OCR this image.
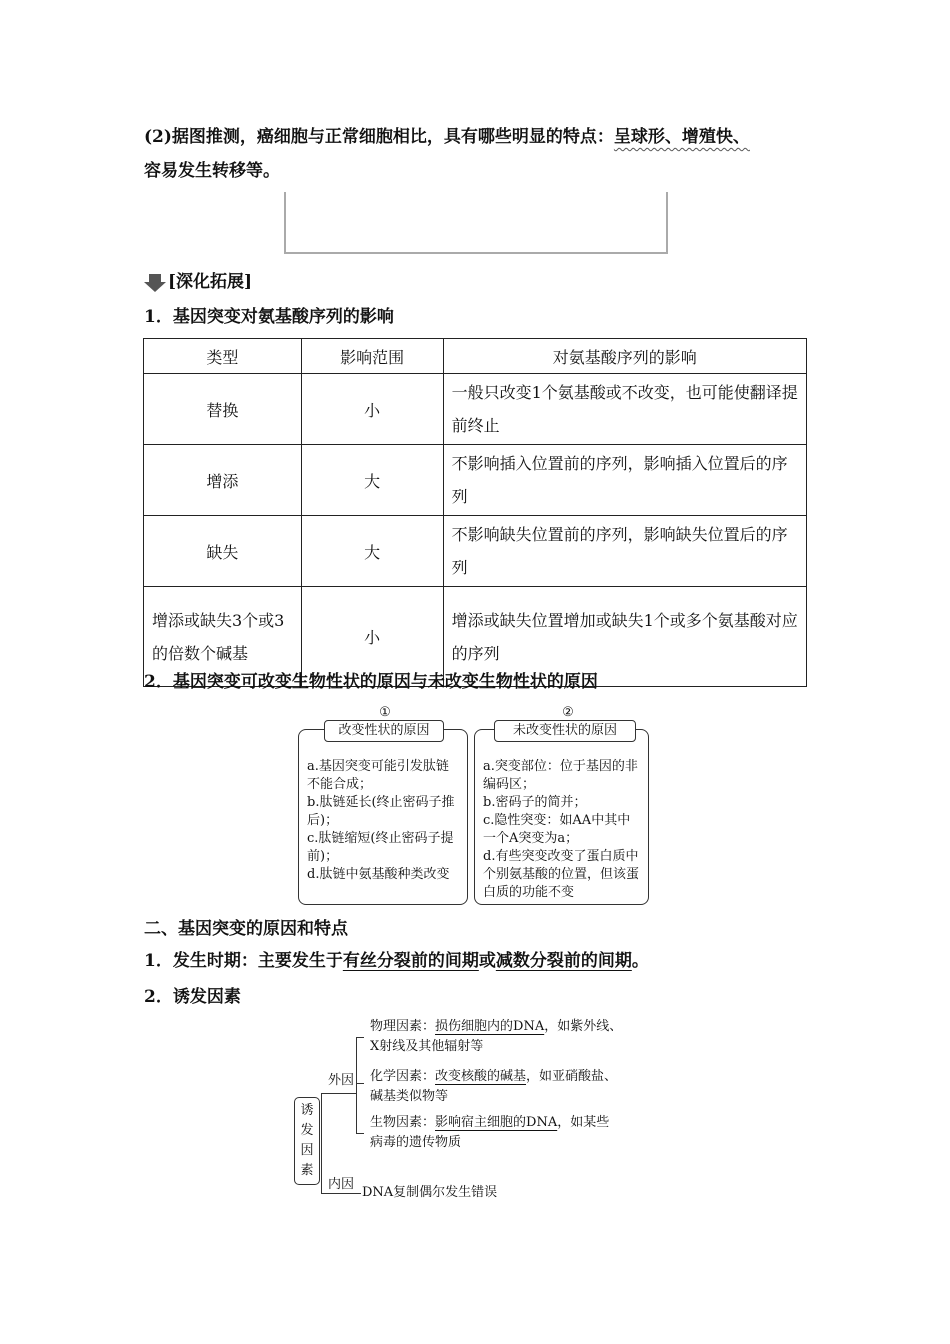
(2)据图推测，癌细胞与正常细胞相比，具有哪些明显的特点：呈球形、增殖快、
容易发生转移等。
[深化拓展]
1．基因突变对氨基酸序列的影响
类型	影响范围	对氨基酸序列的影响
替换	小	一般只改变1个氨基酸或不改变，也可能使翻译提前终止
增添	大	不影响插入位置前的序列，影响插入位置后的序列
缺失	大	不影响缺失位置前的序列，影响缺失位置后的序列
增添或缺失3个或3的倍数个碱基	小	增添或缺失位置增加或缺失1个或多个氨基酸对应的序列
2．基因突变可改变生物性状的原因与未改变生物性状的原因
①
a.基因突变可能引发肽链不能合成；
b.肽链延长(终止密码子推后)；
c.肽链缩短(终止密码子提前)；
d.肽链中氨基酸种类改变
改变性状的原因
②
a.突变部位：位于基因的非编码区；
b.密码子的简并；
c.隐性突变：如AA中其中一个A突变为a；
d.有些突变改变了蛋白质中个别氨基酸的位置，但该蛋白质的功能不变
未改变性状的原因
二、基因突变的原因和特点
1．发生时期：主要发生于有丝分裂前的间期或减数分裂前的间期。
2．诱发因素
诱发因素
外因
内因
DNA复制偶尔发生错误
物理因素：损伤细胞内的DNA，如紫外线、
X射线及其他辐射等
化学因素：改变核酸的碱基，如亚硝酸盐、
碱基类似物等
生物因素：影响宿主细胞的DNA，如某些
病毒的遗传物质
